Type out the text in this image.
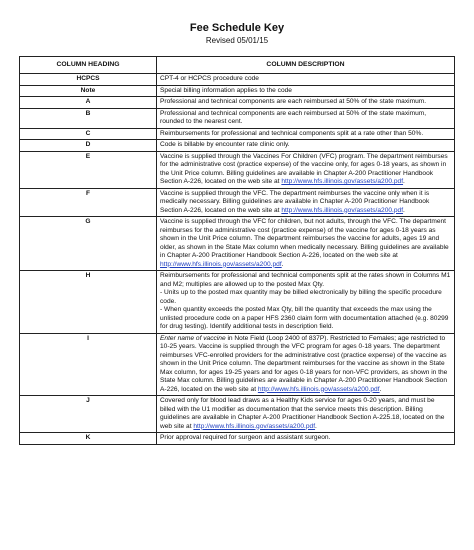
Fee Schedule Key
Revised 05/01/15
COLUMN HEADING	COLUMN DESCRIPTION
HCPCS	CPT-4 or HCPCS procedure code
Note	Special billing information applies to the code
A	Professional and technical components are each reimbursed at 50% of the state maximum.
B	Professional and technical components are each reimbursed at 50% of the state maximum, rounded to the nearest cent.
C	Reimbursements for professional and technical components split at a rate other than 50%.
D	Code is billable by encounter rate clinic only.
E	Vaccine is supplied through the Vaccines For Children (VFC) program. The department reimburses for the administrative cost (practice expense) of the vaccine only, for ages 0-18 years, as shown in the Unit Price column. Billing guidelines are available in Chapter A-200 Practitioner Handbook Section A-226, located on the web site at http://www.hfs.illinois.gov/assets/a200.pdf.
F	Vaccine is supplied through the VFC. The department reimburses the vaccine only when it is medically necessary. Billing guidelines are available in Chapter A-200 Practitioner Handbook Section A-226, located on the web site at http://www.hfs.illinois.gov/assets/a200.pdf.
G	Vaccine is supplied through the VFC for children, but not adults, through the VFC. The department reimburses for the administrative cost (practice expense) of the vaccine for ages 0-18 years as shown in the Unit Price column. The department reimburses the vaccine for adults, ages 19 and older, as shown in the State Max column when medically necessary. Billing guidelines are available in Chapter A-200 Practitioner Handbook Section A-226, located on the web site at http://www.hfs.illinois.gov/assets/a200.pdf.
H	Reimbursements for professional and technical components split at the rates shown in Columns M1 and M2; multiples are allowed up to the posted Max Qty.
- Units up to the posted max quantity may be billed electronically by billing the specific procedure code.
- When quantity exceeds the posted Max Qty, bill the quantity that exceeds the max using the unlisted procedure code on a paper HFS 2360 claim form with documentation attached (e.g. 80299 for drug testing). Identify additional tests in description field.

I	Enter name of vaccine in Note Field (Loop 2400 of 837P). Restricted to Females; age restricted to 10-25 years. Vaccine is supplied through the VFC program for ages 0-18 years. The department reimburses VFC-enrolled providers for the administrative cost (practice expense) of the vaccine as shown in the Unit Price column. The department reimburses for the vaccine as shown in the State Max column, for ages 19-25 years and for ages 0-18 years for non-VFC providers, as shown in the State Max column. Billing guidelines are available in Chapter A-200 Practitioner Handbook Section A-226, located on the web site at http://www.hfs.illinois.gov/assets/a200.pdf.
J	Covered only for blood lead draws as a Healthy Kids service for ages 0-20 years, and must be billed with the U1 modifier as documentation that the service meets this description. Billing guidelines are available in Chapter A-200 Practitioner Handbook Section A-225.18, located on the web site at http://www.hfs.illinois.gov/assets/a200.pdf.
K	Prior approval required for surgeon and assistant surgeon.
